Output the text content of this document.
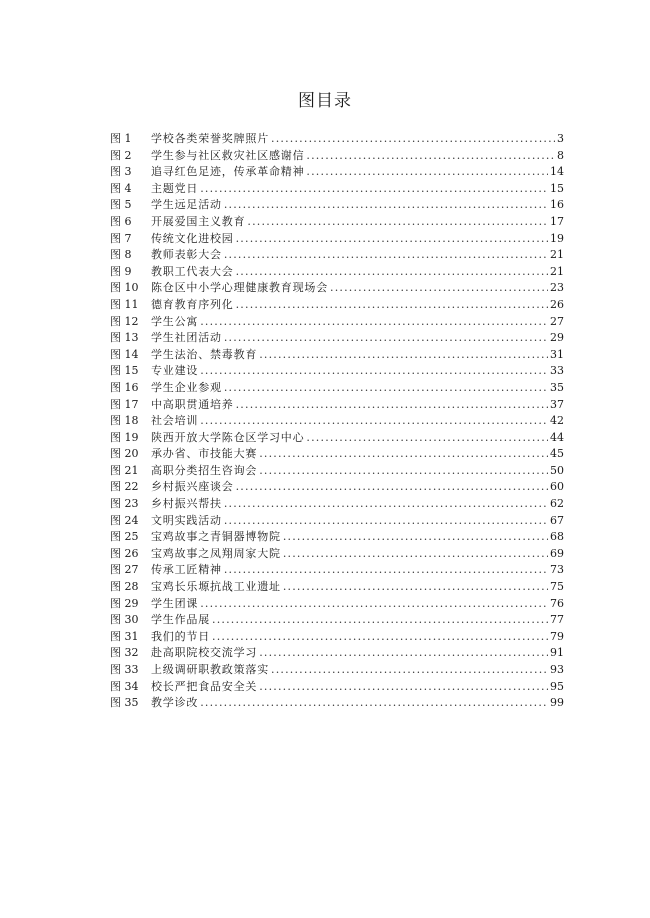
图目录
图 1	学校各类荣誉奖牌照片 .....	3
图 2	学生参与社区救灾社区感谢信 .....	8
图 3	追寻红色足迹，传承革命精神 .....	14
图 4	主题党日 .....	15
图 5	学生远足活动 .....	16
图 6	开展爱国主义教育 .....	17
图 7	传统文化进校园 .....	19
图 8	教师表彰大会 .....	21
图 9	教职工代表大会 .....	21
图 10	陈仓区中小学心理健康教育现场会 .....	23
图 11	德育教育序列化 .....	26
图 12	学生公寓 .....	27
图 13	学生社团活动 .....	29
图 14	学生法治、禁毒教育 .....	31
图 15	专业建设 .....	33
图 16	学生企业参观 .....	35
图 17	中高职贯通培养 .....	37
图 18	社会培训 .....	42
图 19	陕西开放大学陈仓区学习中心 .....	44
图 20	承办省、市技能大赛 .....	45
图 21	高职分类招生咨询会 .....	50
图 22	乡村振兴座谈会 .....	60
图 23	乡村振兴帮扶 .....	62
图 24	文明实践活动 .....	67
图 25	宝鸡故事之青铜器博物院 .....	68
图 26	宝鸡故事之凤翔周家大院 .....	69
图 27	传承工匠精神 .....	73
图 28	宝鸡长乐塬抗战工业遗址 .....	75
图 29	学生团课 .....	76
图 30	学生作品展 .....	77
图 31	我们的节日 .....	79
图 32	赴高职院校交流学习 .....	91
图 33	上级调研职教政策落实 .....	93
图 34	校长严把食品安全关 .....	95
图 35	教学诊改 .....	99
